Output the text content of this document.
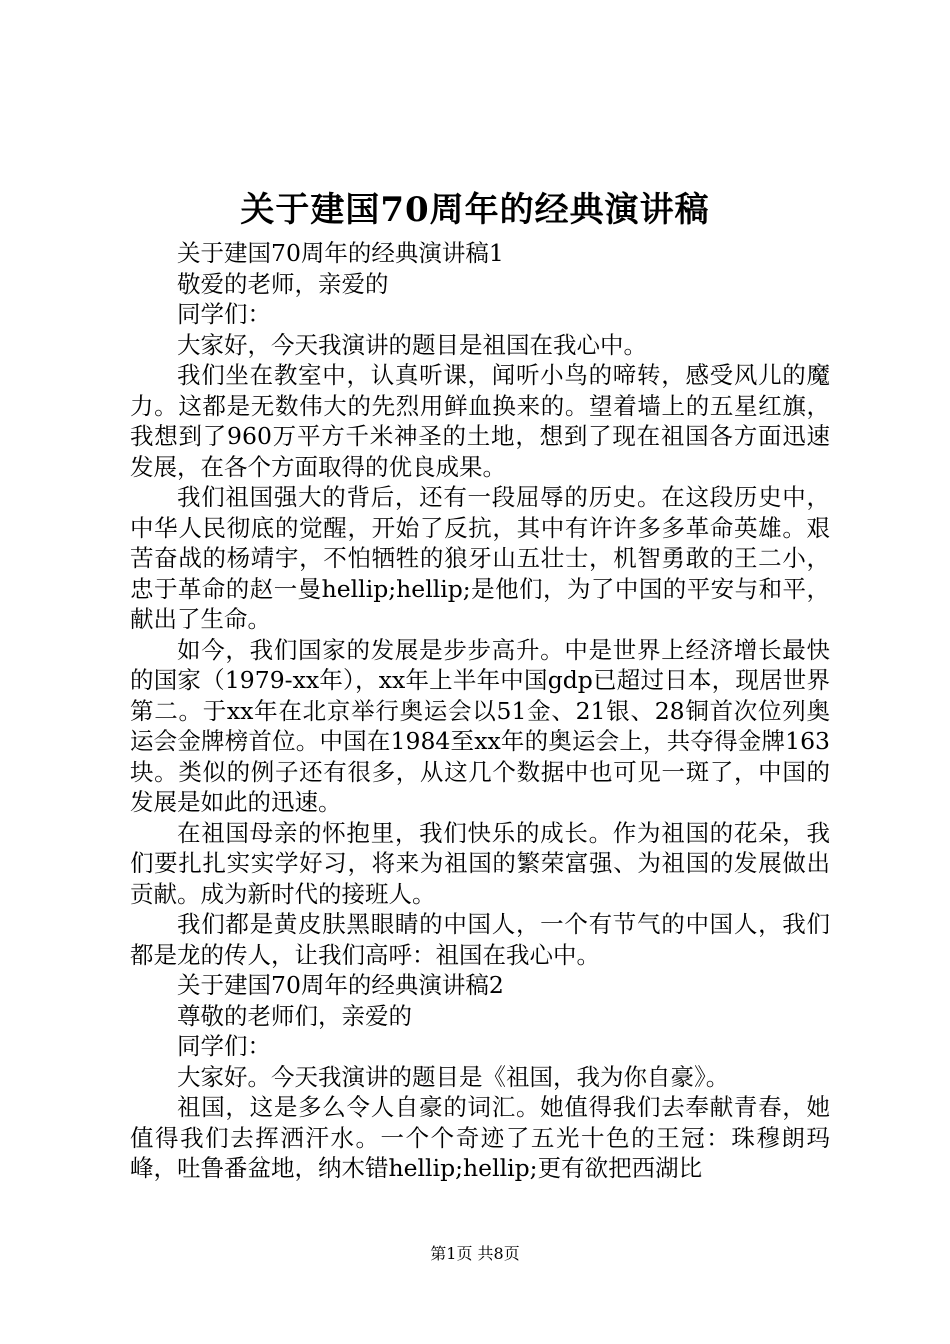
关于建国70周年的经典演讲稿

关于建国70周年的经典演讲稿1

敬爱的老师，亲爱的

同学们：

大家好，今天我演讲的题目是祖国在我心中。

我们坐在教室中，认真听课，闻听小鸟的啼转，感受风儿的魔力。这都是无数伟大的先烈用鲜血换来的。望着墙上的五星红旗，我想到了960万平方千米神圣的土地，想到了现在祖国各方面迅速发展，在各个方面取得的优良成果。

我们祖国强大的背后，还有一段屈辱的历史。在这段历史中，中华人民彻底的觉醒，开始了反抗，其中有许许多多革命英雄。艰苦奋战的杨靖宇，不怕牺牲的狼牙山五壮士，机智勇敢的王二小，忠于革命的赵一曼hellip;hellip;是他们，为了中国的平安与和平，献出了生命。

如今，我们国家的发展是步步高升。中是世界上经济增长最快的国家（1979-xx年），xx年上半年中国gdp已超过日本，现居世界第二。于xx年在北京举行奥运会以51金、21银、28铜首次位列奥运会金牌榜首位。中国在1984至xx年的奥运会上，共夺得金牌163块。类似的例子还有很多，从这几个数据中也可见一斑了，中国的发展是如此的迅速。

在祖国母亲的怀抱里，我们快乐的成长。作为祖国的花朵，我们要扎扎实实学好习，将来为祖国的繁荣富强、为祖国的发展做出贡献。成为新时代的接班人。

我们都是黄皮肤黑眼睛的中国人，一个有节气的中国人，我们都是龙的传人，让我们高呼：祖国在我心中。

关于建国70周年的经典演讲稿2

尊敬的老师们，亲爱的

同学们：

大家好。今天我演讲的题目是《祖国，我为你自豪》。

祖国，这是多么令人自豪的词汇。她值得我们去奉献青春，她值得我们去挥洒汗水。一个个奇迹了五光十色的王冠：珠穆朗玛峰，吐鲁番盆地，纳木错hellip;hellip;更有欲把西湖比

第1页 共8页
